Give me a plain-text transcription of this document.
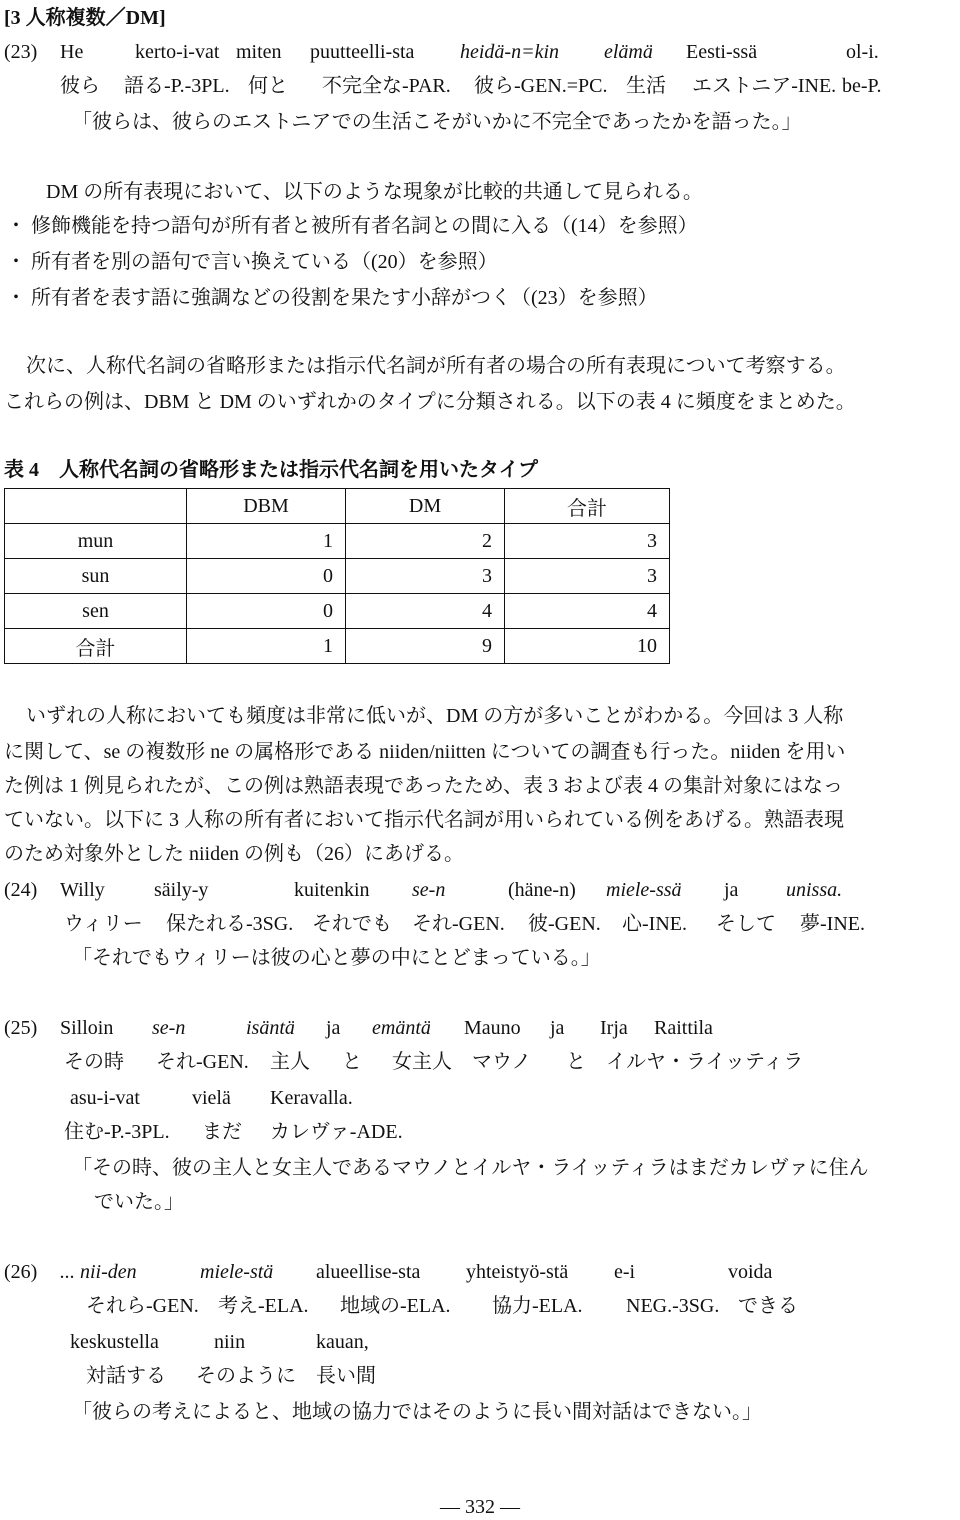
[3 人称複数／DM]
(23) He	kerto-i-vat miten puutteelli-sta heidä-n=kin elämä Eesti-ssä	ol-i.
彼ら 語る-P.-3PL. 何と 不完全な-PAR. 彼ら-GEN.=PC. 生活 エストニア-INE. be-P.
「彼らは、彼らのエストニアでの生活こそがいかに不完全であったかを語った。」
DM の所有表現において、以下のような現象が比較的共通して見られる。
・ 修飾機能を持つ語句が所有者と被所有者名詞との間に入る（(14）を参照）
・ 所有者を別の語句で言い換えている（(20）を参照）
・ 所有者を表す語に強調などの役割を果たす小辞がつく（(23）を参照）
次に、人称代名詞の省略形または指示代名詞が所有者の場合の所有表現について考察する。
これらの例は、DBM と DM のいずれかのタイプに分類される。以下の表 4 に頻度をまとめた。
表 4　人称代名詞の省略形または指示代名詞を用いたタイプ
	DBM	DM	合計
mun	1	2	3
sun	0	3	3
sen	0	4	4
合計	1	9	10
いずれの人称においても頻度は非常に低いが、DM の方が多いことがわかる。今回は 3 人称
に関して、se の複数形 ne の属格形である niiden/niitten についての調査も行った。niiden を用い
た例は 1 例見られたが、この例は熟語表現であったため、表 3 および表 4 の集計対象にはなっ
ていない。以下に 3 人称の所有者において指示代名詞が用いられている例をあげる。熟語表現
のため対象外とした niiden の例も（26）にあげる。
(24) Willy säily-y	kuitenkin se-n	(häne-n) miele-ssä ja unissa.
ウィリー 保たれる-3SG. それでも それ-GEN. 彼-GEN. 心-INE. そして 夢-INE.
「それでもウィリーは彼の心と夢の中にとどまっている。」
(25) Silloin se-n	isäntä ja emäntä Mauno ja Irja Raittila
その時 それ-GEN. 主人 と 女主人 マウノ と イルヤ・ライッティラ
asu-i-vat	vielä Keravalla.
住む-P.-3PL. まだ カレヴァ-ADE.
「その時、彼の主人と女主人であるマウノとイルヤ・ライッティラはまだカレヴァに住ん
でいた。」
(26) ... nii-den	miele-stä alueellise-sta yhteistyö-stä e-i	voida
それら-GEN. 考え-ELA. 地域の-ELA. 協力-ELA. NEG.-3SG. できる
keskustella	niin	kauan,
対話する そのように 長い間
「彼らの考えによると、地域の協力ではそのように長い間対話はできない。」
― 332 ―
